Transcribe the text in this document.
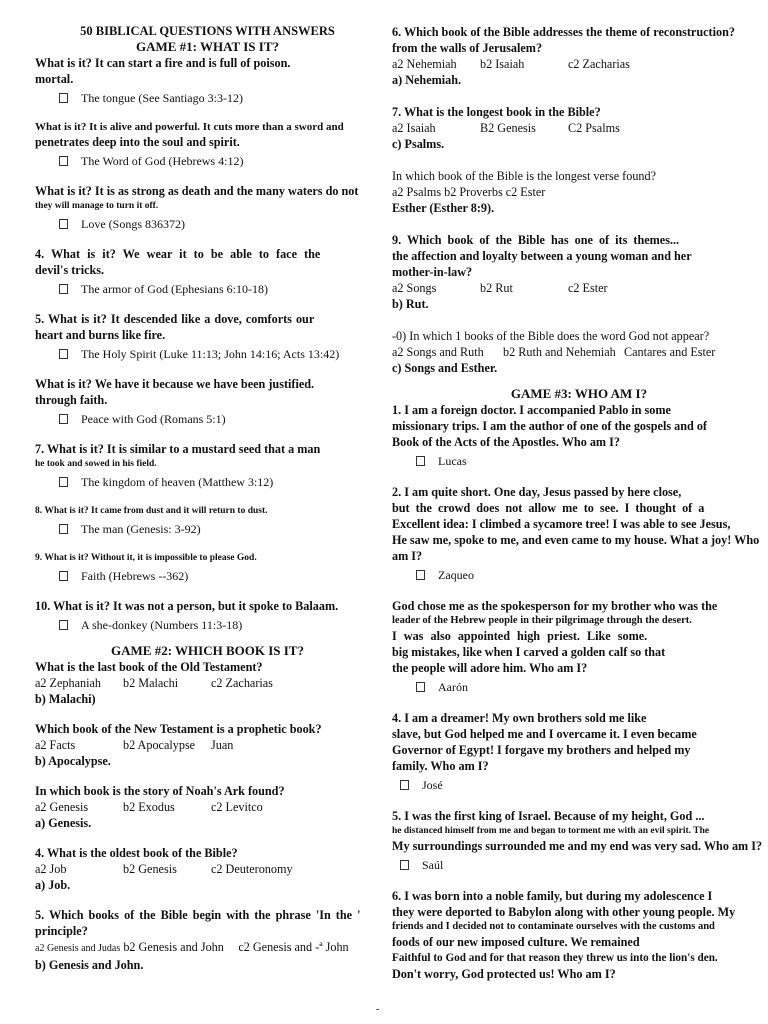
50 BIBLICAL QUESTIONS WITH ANSWERS
GAME #1: WHAT IS IT?
What is it? It can start a fire and is full of poison.
mortal.
The tongue (See Santiago 3:3-12)
What is it? It is alive and powerful. It cuts more than a sword and
penetrates deep into the soul and spirit.
The Word of God (Hebrews 4:12)
What is it? It is as strong as death and the many waters do not
they will manage to turn it off.
Love (Songs 836372)
4. What is it? We wear it to be able to face the
devil's tricks.
The armor of God (Ephesians 6:10-18)
5. What is it? It descended like a dove, comforts our
heart and burns like fire.
The Holy Spirit (Luke 11:13; John 14:16; Acts 13:42)
What is it? We have it because we have been justified.
through faith.
Peace with God (Romans 5:1)
7. What is it? It is similar to a mustard seed that a man
he took and sowed in his field.
The kingdom of heaven (Matthew 3:12)
8. What is it? It came from dust and it will return to dust.
The man (Genesis: 3-92)
9. What is it? Without it, it is impossible to please God.
Faith (Hebrews --362)
10. What is it? It was not a person, but it spoke to Balaam.
A she-donkey (Numbers 11:3-18)
GAME #2: WHICH BOOK IS IT?
What is the last book of the Old Testament?
a2 Zephaniah b2 Malachi	c2 Zacharias
b) Malachi)
Which book of the New Testament is a prophetic book?
a2 Facts	b2 Apocalypse Juan
b) Apocalypse.
In which book is the story of Noah's Ark found?
a2 Genesis	b2 Exodus	c2 Levitco
a) Genesis.
4. What is the oldest book of the Bible?
a2 Job	b2 Genesis	c2 Deuteronomy
a) Job.
5. Which books of the Bible begin with the phrase 'In the '
principle?
a2 Genesis and Judas b2 Genesis and John c2 Genesis and -ª John
b) Genesis and John.
6. Which book of the Bible addresses the theme of reconstruction?
from the walls of Jerusalem?
a2 Nehemiah b2 Isaiah	c2 Zacharias
a) Nehemiah.
7. What is the longest book in the Bible?
a2 Isaiah	B2 Genesis	C2 Psalms
c) Psalms.
In which book of the Bible is the longest verse found?
a2 Psalms b2 Proverbs c2 Ester
Esther (Esther 8:9).
9. Which book of the Bible has one of its themes...
the affection and loyalty between a young woman and her
mother-in-law?
a2 Songs	b2 Rut	c2 Ester
b) Rut.
-0) In which 1 books of the Bible does the word God not appear?
a2 Songs and Ruth b2 Ruth and Nehemiah Cantares and Ester
c) Songs and Esther.
GAME #3: WHO AM I?
1. I am a foreign doctor. I accompanied Pablo in some
missionary trips. I am the author of one of the gospels and of
Book of the Acts of the Apostles. Who am I?
Lucas
2. I am quite short. One day, Jesus passed by here close,
but the crowd does not allow me to see. I thought of a
Excellent idea: I climbed a sycamore tree! I was able to see Jesus,
He saw me, spoke to me, and even came to my house. What a joy! Who
am I?
Zaqueo
God chose me as the spokesperson for my brother who was the
leader of the Hebrew people in their pilgrimage through the desert.
I was also appointed high priest. Like some.
big mistakes, like when I carved a golden calf so that
the people will adore him. Who am I?
Aarón
4. I am a dreamer! My own brothers sold me like
slave, but God helped me and I overcame it. I even became
Governor of Egypt! I forgave my brothers and helped my
family. Who am I?
José
5. I was the first king of Israel. Because of my height, God ...
he distanced himself from me and began to torment me with an evil spirit. The
My surroundings surrounded me and my end was very sad. Who am I?
Saúl
6. I was born into a noble family, but during my adolescence I
they were deported to Babylon along with other young people. My
friends and I decided not to contaminate ourselves with the customs and
foods of our new imposed culture. We remained
Faithful to God and for that reason they threw us into the lion's den.
Don't worry, God protected us! Who am I?
-
